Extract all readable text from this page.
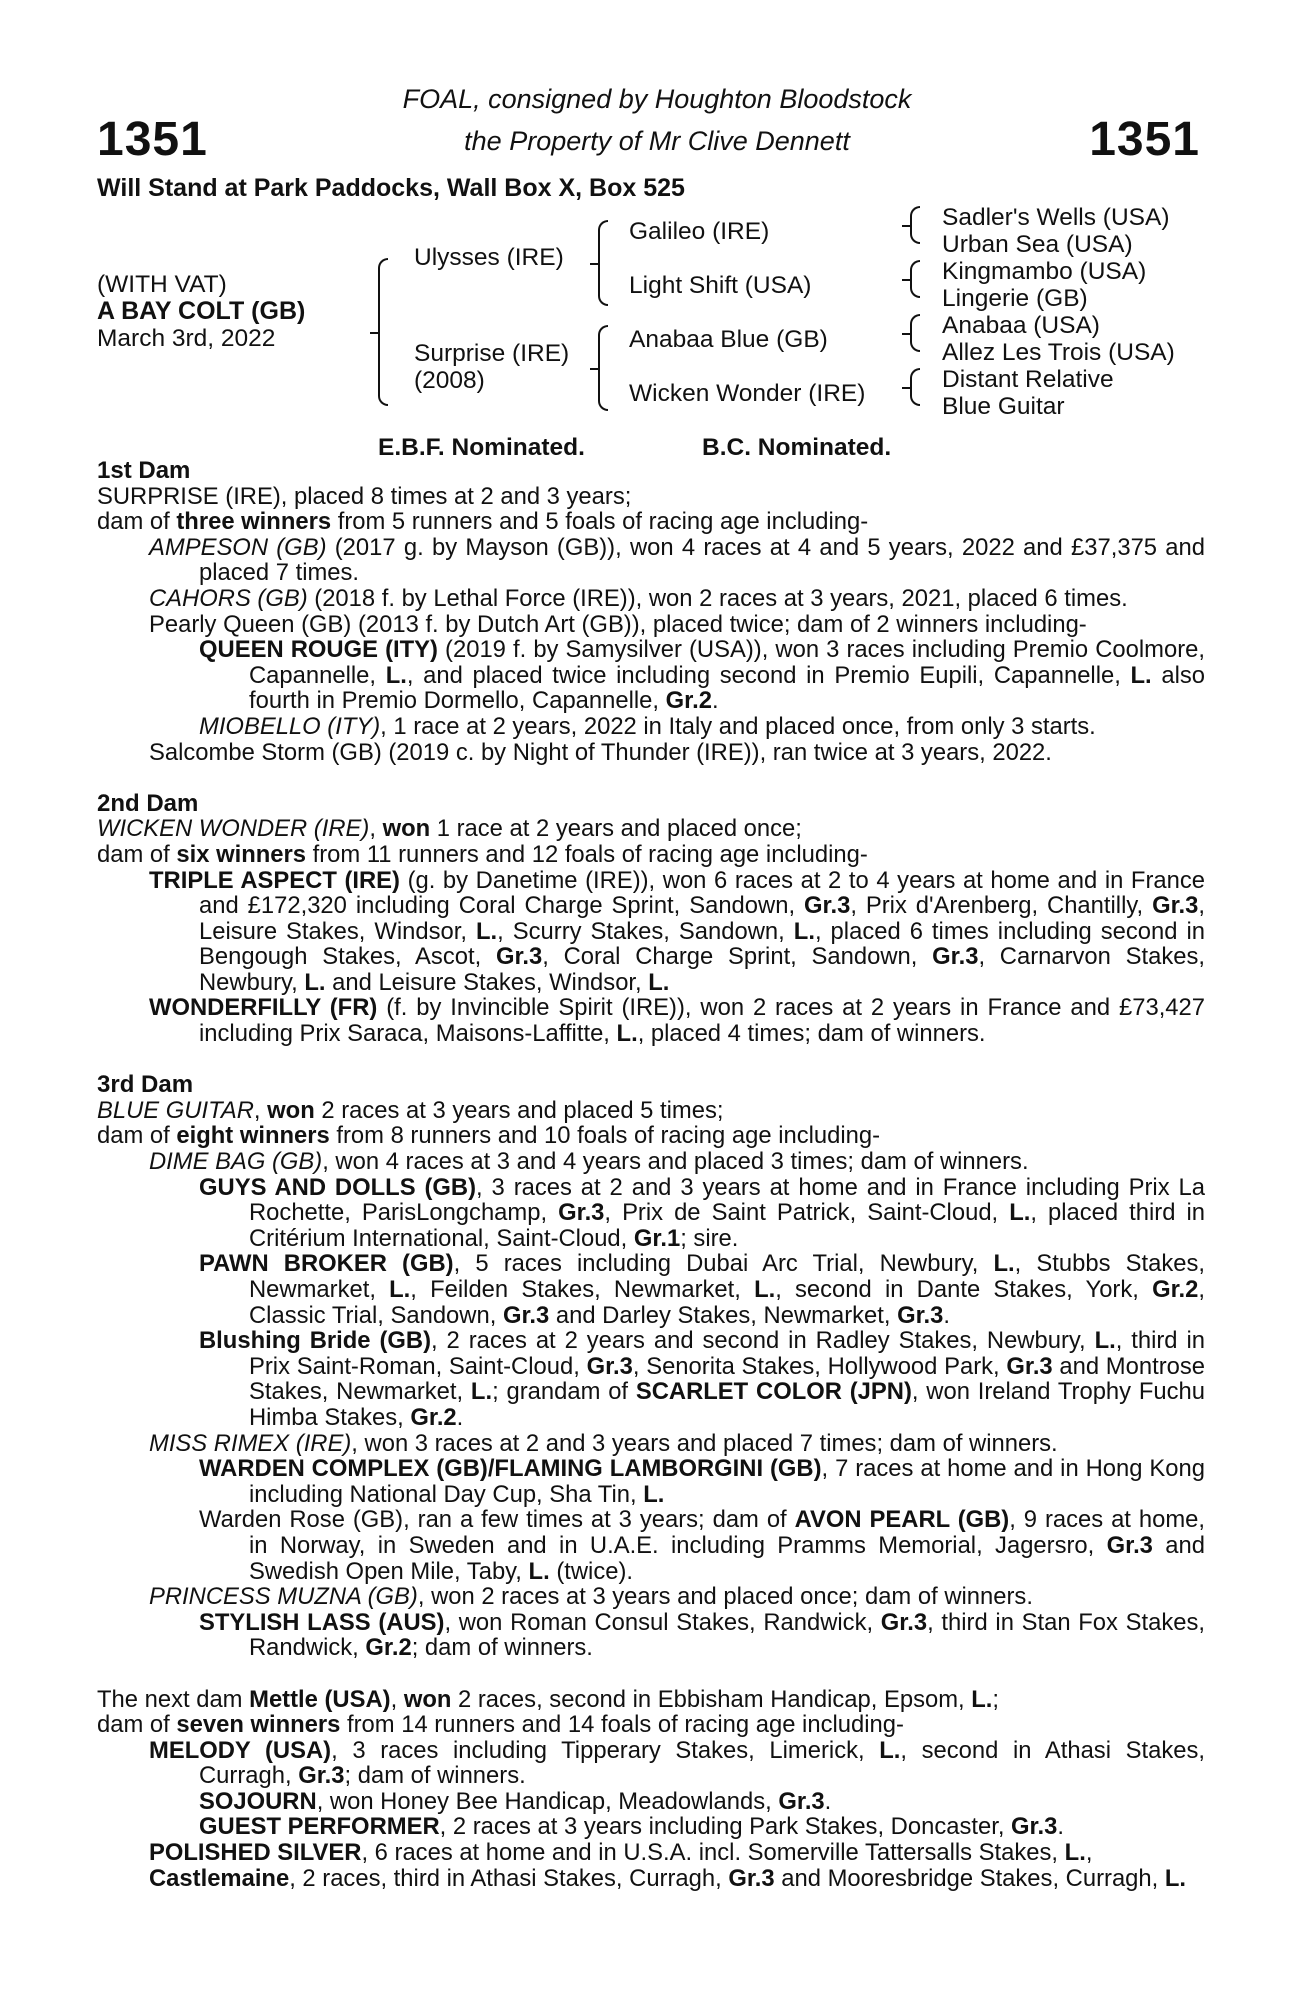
1351	1351
FOAL, consigned by Houghton Bloodstock
the Property of Mr Clive Dennett
Will Stand at Park Paddocks, Wall Box X, Box 525
(WITH VAT)
A BAY COLT (GB)
March 3rd, 2022
Ulysses (IRE)
Surprise (IRE)
(2008)
Galileo (IRE)
Light Shift (USA)
Anabaa Blue (GB)
Wicken Wonder (IRE)
Sadler's Wells (USA)
Urban Sea (USA)
Kingmambo (USA)
Lingerie (GB)
Anabaa (USA)
Allez Les Trois (USA)
Distant Relative
Blue Guitar
E.B.F. Nominated.	B.C. Nominated.
1st Dam

SURPRISE (IRE), placed 8 times at 2 and 3 years;

dam of three winners from 5 runners and 5 foals of racing age including-

AMPESON (GB) (2017 g. by Mayson (GB)), won 4 races at 4 and 5 years, 2022 and £37,375 and placed 7 times.

CAHORS (GB) (2018 f. by Lethal Force (IRE)), won 2 races at 3 years, 2021, placed 6 times.

Pearly Queen (GB) (2013 f. by Dutch Art (GB)), placed twice; dam of 2 winners including-

QUEEN ROUGE (ITY) (2019 f. by Samysilver (USA)), won 3 races including Premio Coolmore, Capannelle, L., and placed twice including second in Premio Eupili, Capannelle, L. also fourth in Premio Dormello, Capannelle, Gr.2.

MIOBELLO (ITY), 1 race at 2 years, 2022 in Italy and placed once, from only 3 starts.

Salcombe Storm (GB) (2019 c. by Night of Thunder (IRE)), ran twice at 3 years, 2022.

2nd Dam

WICKEN WONDER (IRE), won 1 race at 2 years and placed once;

dam of six winners from 11 runners and 12 foals of racing age including-

TRIPLE ASPECT (IRE) (g. by Danetime (IRE)), won 6 races at 2 to 4 years at home and in France and £172,320 including Coral Charge Sprint, Sandown, Gr.3, Prix d'Arenberg, Chantilly, Gr.3, Leisure Stakes, Windsor, L., Scurry Stakes, Sandown, L., placed 6 times including second in Bengough Stakes, Ascot, Gr.3, Coral Charge Sprint, Sandown, Gr.3, Carnarvon Stakes, Newbury, L. and Leisure Stakes, Windsor, L.

WONDERFILLY (FR) (f. by Invincible Spirit (IRE)), won 2 races at 2 years in France and £73,427 including Prix Saraca, Maisons-Laffitte, L., placed 4 times; dam of winners.

3rd Dam

BLUE GUITAR, won 2 races at 3 years and placed 5 times;

dam of eight winners from 8 runners and 10 foals of racing age including-

DIME BAG (GB), won 4 races at 3 and 4 years and placed 3 times; dam of winners.

GUYS AND DOLLS (GB), 3 races at 2 and 3 years at home and in France including Prix La Rochette, ParisLongchamp, Gr.3, Prix de Saint Patrick, Saint-Cloud, L., placed third in Critérium International, Saint-Cloud, Gr.1; sire.

PAWN BROKER (GB), 5 races including Dubai Arc Trial, Newbury, L., Stubbs Stakes, Newmarket, L., Feilden Stakes, Newmarket, L., second in Dante Stakes, York, Gr.2, Classic Trial, Sandown, Gr.3 and Darley Stakes, Newmarket, Gr.3.

Blushing Bride (GB), 2 races at 2 years and second in Radley Stakes, Newbury, L., third in Prix Saint-Roman, Saint-Cloud, Gr.3, Senorita Stakes, Hollywood Park, Gr.3 and Montrose Stakes, Newmarket, L.; grandam of SCARLET COLOR (JPN), won Ireland Trophy Fuchu Himba Stakes, Gr.2.

MISS RIMEX (IRE), won 3 races at 2 and 3 years and placed 7 times; dam of winners.

WARDEN COMPLEX (GB)/FLAMING LAMBORGINI (GB), 7 races at home and in Hong Kong including National Day Cup, Sha Tin, L.

Warden Rose (GB), ran a few times at 3 years; dam of AVON PEARL (GB), 9 races at home, in Norway, in Sweden and in U.A.E. including Pramms Memorial, Jagersro, Gr.3 and Swedish Open Mile, Taby, L. (twice).

PRINCESS MUZNA (GB), won 2 races at 3 years and placed once; dam of winners.

STYLISH LASS (AUS), won Roman Consul Stakes, Randwick, Gr.3, third in Stan Fox Stakes, Randwick, Gr.2; dam of winners.

The next dam Mettle (USA), won 2 races, second in Ebbisham Handicap, Epsom, L.;

dam of seven winners from 14 runners and 14 foals of racing age including-

MELODY (USA), 3 races including Tipperary Stakes, Limerick, L., second in Athasi Stakes, Curragh, Gr.3; dam of winners.

SOJOURN, won Honey Bee Handicap, Meadowlands, Gr.3.

GUEST PERFORMER, 2 races at 3 years including Park Stakes, Doncaster, Gr.3.

POLISHED SILVER, 6 races at home and in U.S.A. incl. Somerville Tattersalls Stakes, L.,

Castlemaine, 2 races, third in Athasi Stakes, Curragh, Gr.3 and Mooresbridge Stakes, Curragh, L.
